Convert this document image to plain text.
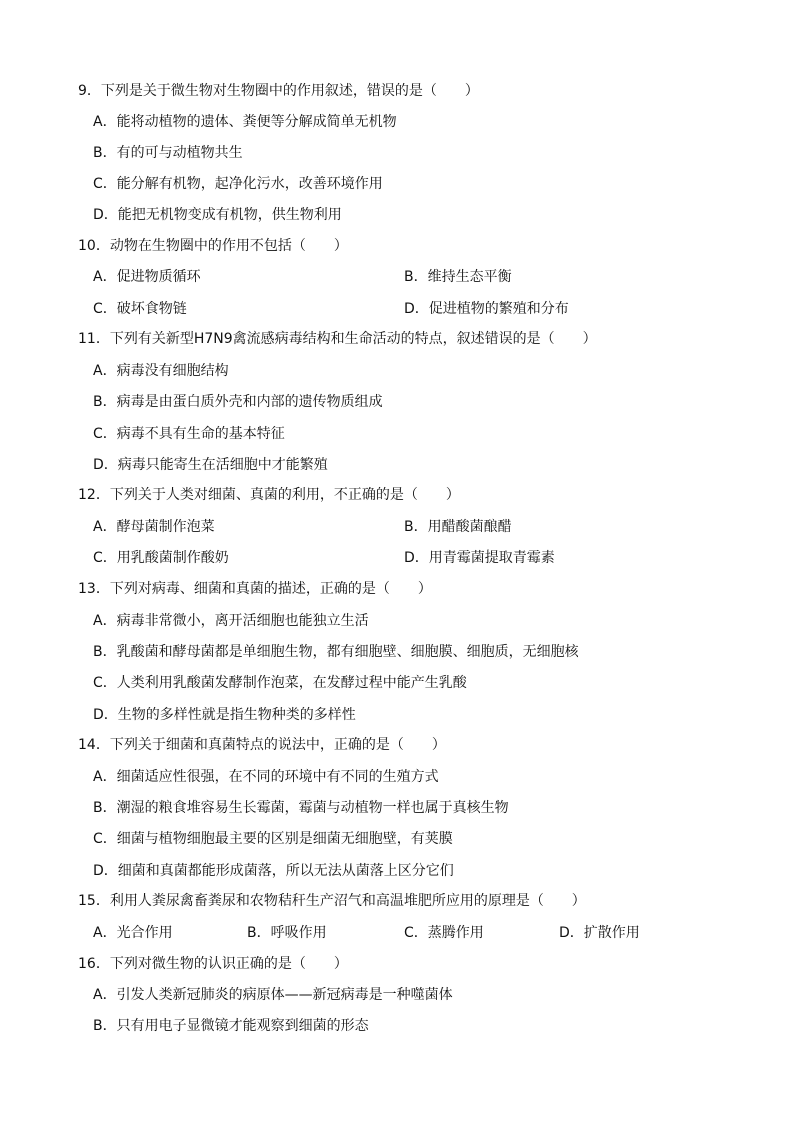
9．下列是关于微生物对生物圈中的作用叙述，错误的是（　　）
A．能将动植物的遗体、粪便等分解成简单无机物
B．有的可与动植物共生
C．能分解有机物，起净化污水，改善环境作用
D．能把无机物变成有机物，供生物利用
10．动物在生物圈中的作用不包括（　　）
A．促进物质循环	B．维持生态平衡
C．破坏食物链	D．促进植物的繁殖和分布
11．下列有关新型H7N9禽流感病毒结构和生命活动的特点，叙述错误的是（　　）
A．病毒没有细胞结构
B．病毒是由蛋白质外壳和内部的遗传物质组成
C．病毒不具有生命的基本特征
D．病毒只能寄生在活细胞中才能繁殖
12．下列关于人类对细菌、真菌的利用，不正确的是（　　）
A．酵母菌制作泡菜	B．用醋酸菌酿醋
C．用乳酸菌制作酸奶	D．用青霉菌提取青霉素
13．下列对病毒、细菌和真菌的描述，正确的是（　　）
A．病毒非常微小，离开活细胞也能独立生活
B．乳酸菌和酵母菌都是单细胞生物，都有细胞壁、细胞膜、细胞质，无细胞核
C．人类利用乳酸菌发酵制作泡菜，在发酵过程中能产生乳酸
D．生物的多样性就是指生物种类的多样性
14．下列关于细菌和真菌特点的说法中，正确的是（　　）
A．细菌适应性很强，在不同的环境中有不同的生殖方式
B．潮湿的粮食堆容易生长霉菌，霉菌与动植物一样也属于真核生物
C．细菌与植物细胞最主要的区别是细菌无细胞壁，有荚膜
D．细菌和真菌都能形成菌落，所以无法从菌落上区分它们
15．利用人粪尿禽畜粪尿和农物秸秆生产沼气和高温堆肥所应用的原理是（　　）
A．光合作用	B．呼吸作用	C．蒸腾作用	D．扩散作用
16．下列对微生物的认识正确的是（　　）
A．引发人类新冠肺炎的病原体——新冠病毒是一种噬菌体
B．只有用电子显微镜才能观察到细菌的形态
